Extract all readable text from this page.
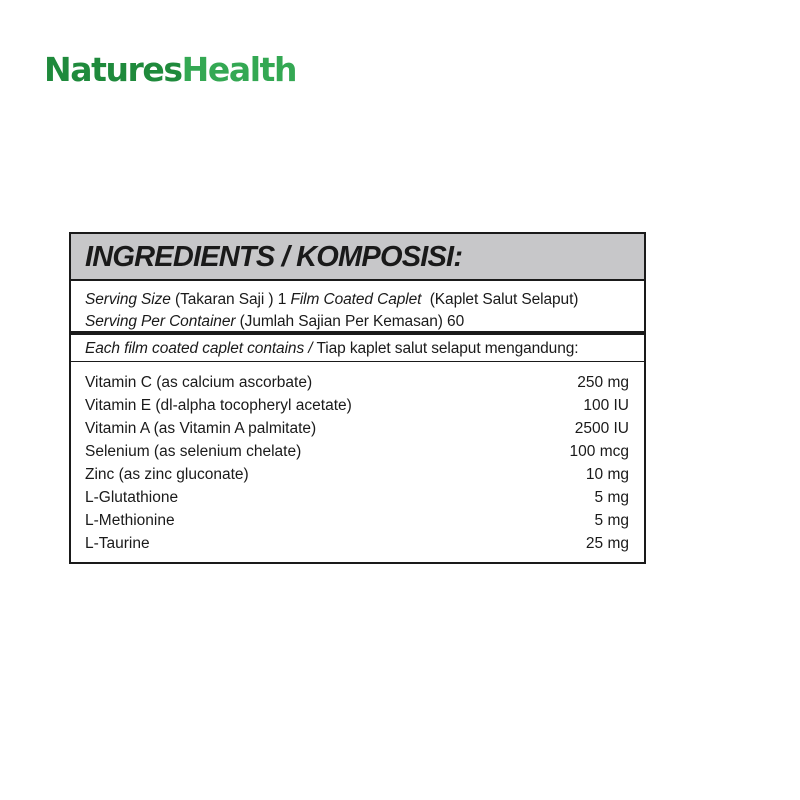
NaturesHealth
INGREDIENTS / KOMPOSISI:
Serving Size (Takaran Saji ) 1 Film Coated Caplet (Kaplet Salut Selaput)
Serving Per Container (Jumlah Sajian Per Kemasan) 60
Each film coated caplet contains / Tiap kaplet salut selaput mengandung:
Vitamin C (as calcium ascorbate)	250 mg
Vitamin E (dl-alpha tocopheryl acetate)	100 IU
Vitamin A (as Vitamin A palmitate)	2500 IU
Selenium (as selenium chelate)	100 mcg
Zinc (as zinc gluconate)	10 mg
L-Glutathione	5 mg
L-Methionine	5 mg
L-Taurine	25 mg
